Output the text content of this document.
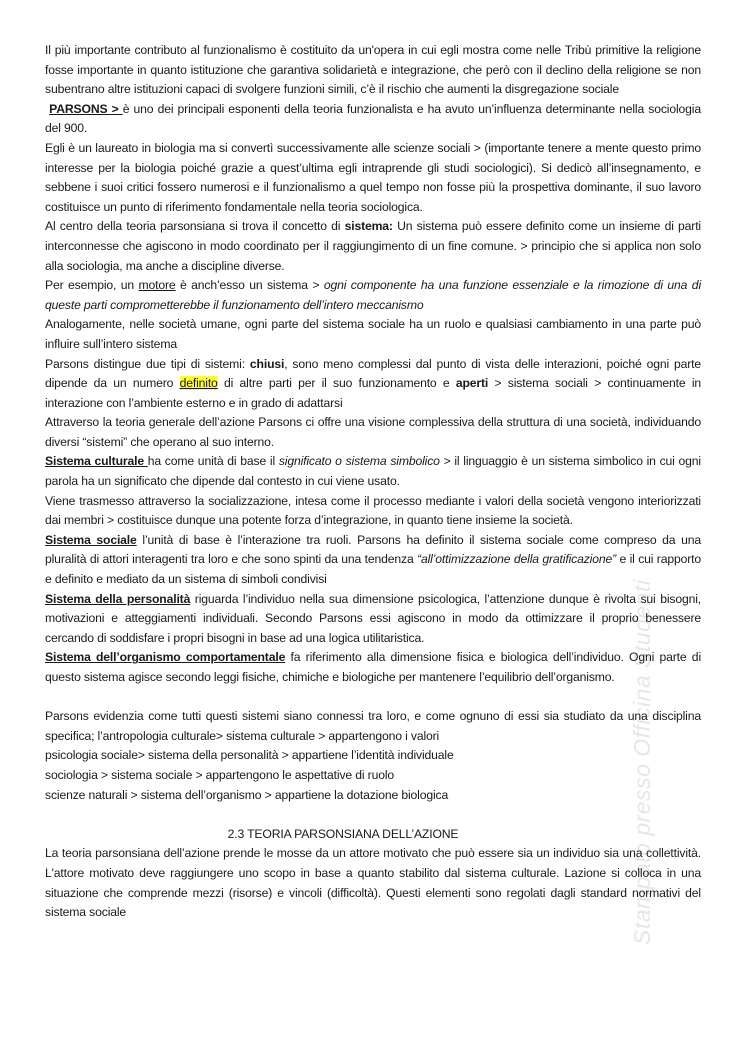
Stampato presso Officina Studenti

Il più importante contributo al funzionalismo è costituito da un'opera in cui egli mostra come nelle Tribù primitive la religione fosse importante in quanto istituzione che garantiva solidarietà e integrazione, che però con il declino della religione se non subentrano altre istituzioni capaci di svolgere funzioni simili, c’è il rischio che aumenti la disgregazione sociale

PARSONS > è uno dei principali esponenti della teoria funzionalista e ha avuto un’influenza determinante nella sociologia del 900.

Egli è un laureato in biologia ma si convertì successivamente alle scienze sociali > (importante tenere a mente questo primo interesse per la biologia poiché grazie a quest’ultima egli intraprende gli studi sociologici). Si dedicò all’insegnamento, e sebbene i suoi critici fossero numerosi e il funzionalismo a quel tempo non fosse più la prospettiva dominante, il suo lavoro costituisce un punto di riferimento fondamentale nella teoria sociologica.

Al centro della teoria parsonsiana si trova il concetto di sistema: Un sistema può essere definito come un insieme di parti interconnesse che agiscono in modo coordinato per il raggiungimento di un fine comune. > principio che si applica non solo alla sociologia, ma anche a discipline diverse.

Per esempio, un motore è anch’esso un sistema > ogni componente ha una funzione essenziale e la rimozione di una di queste parti comprometterebbe il funzionamento dell’intero meccanismo

Analogamente, nelle società umane, ogni parte del sistema sociale ha un ruolo e qualsiasi cambiamento in una parte può influire sull’intero sistema

Parsons distingue due tipi di sistemi: chiusi, sono meno complessi dal punto di vista delle interazioni, poiché ogni parte dipende da un numero definito di altre parti per il suo funzionamento e aperti > sistema sociali > continuamente in interazione con l’ambiente esterno e in grado di adattarsi

Attraverso la teoria generale dell’azione Parsons ci offre una visione complessiva della struttura di una società, individuando diversi “sistemi” che operano al suo interno.

Sistema culturale ha come unità di base il significato o sistema simbolico > il linguaggio è un sistema simbolico in cui ogni parola ha un significato che dipende dal contesto in cui viene usato.

Viene trasmesso attraverso la socializzazione, intesa come il processo mediante i valori della società vengono interiorizzati dai membri > costituisce dunque una potente forza d’integrazione, in quanto tiene insieme la società.

Sistema sociale l’unità di base è l’interazione tra ruoli. Parsons ha definito il sistema sociale come compreso da una pluralità di attori interagenti tra loro e che sono spinti da una tendenza “all’ottimizzazione della gratificazione” e il cui rapporto e definito e mediato da un sistema di simboli condivisi

Sistema della personalità riguarda l’individuo nella sua dimensione psicologica, l’attenzione dunque è rivolta sui bisogni, motivazioni e atteggiamenti individuali. Secondo Parsons essi agiscono in modo da ottimizzare il proprio benessere cercando di soddisfare i propri bisogni in base ad una logica utilitaristica.

Sistema dell’organismo comportamentale fa riferimento alla dimensione fisica e biologica dell’individuo. Ogni parte di questo sistema agisce secondo leggi fisiche, chimiche e biologiche per mantenere l’equilibrio dell’organismo.

Parsons evidenzia come tutti questi sistemi siano connessi tra loro, e come ognuno di essi sia studiato da una disciplina specifica; l’antropologia culturale> sistema culturale > appartengono i valori

psicologia sociale> sistema della personalità > appartiene l’identità individuale

sociologia > sistema sociale > appartengono le aspettative di ruolo

scienze naturali > sistema dell’organismo > appartiene la dotazione biologica

2.3 TEORIA PARSONSIANA DELL’AZIONE

La teoria parsonsiana dell’azione prende le mosse da un attore motivato che può essere sia un individuo sia una collettività. L'attore motivato deve raggiungere uno scopo in base a quanto stabilito dal sistema culturale. Lazione si colloca in una situazione che comprende mezzi (risorse) e vincoli (difficoltà). Questi elementi sono regolati dagli standard normativi del sistema sociale
